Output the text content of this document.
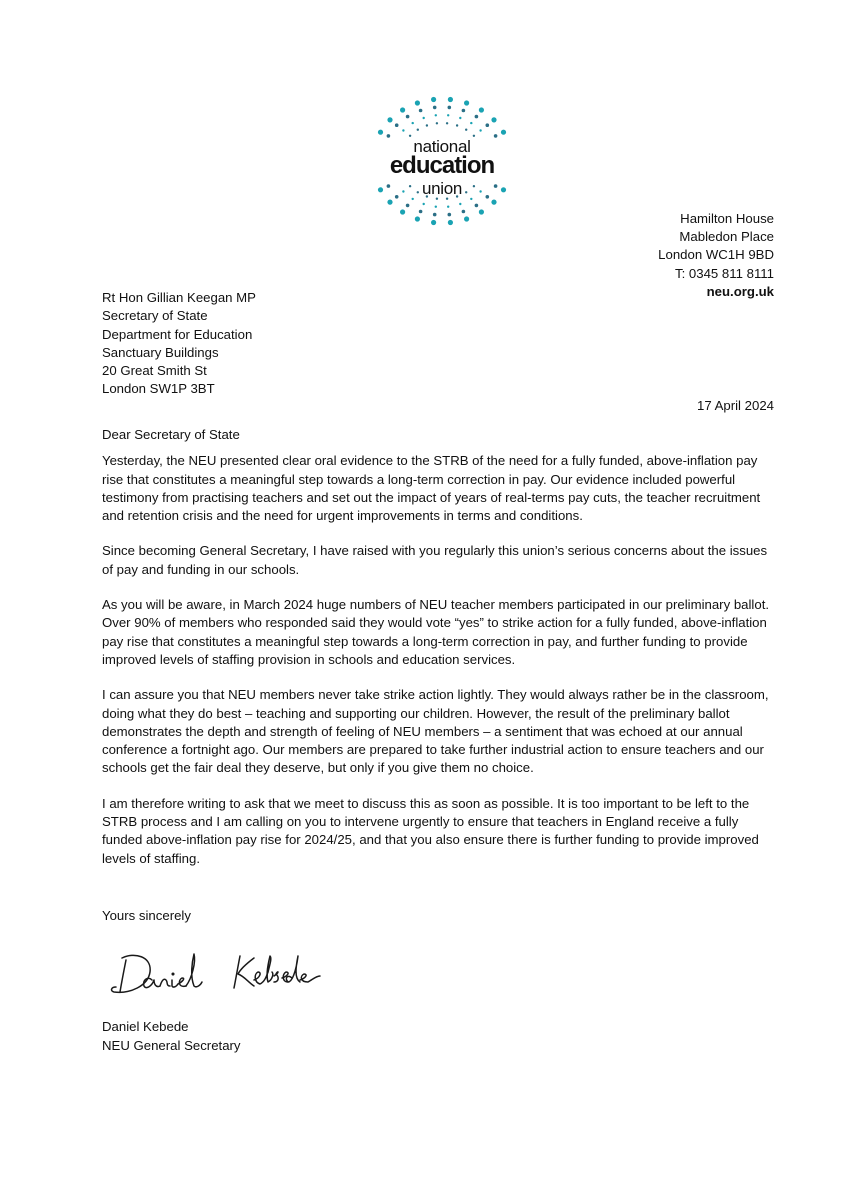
national
education
union
Hamilton House
Mabledon Place
London WC1H 9BD
T: 0345 811 8111
neu.org.uk
Rt Hon Gillian Keegan MP
Secretary of State
Department for Education
Sanctuary Buildings
20 Great Smith St
London SW1P 3BT
17 April 2024

Dear Secretary of State

Yesterday, the NEU presented clear oral evidence to the STRB of the need for a fully funded, above-inflation pay rise that constitutes a meaningful step towards a long-term correction in pay. Our evidence included powerful testimony from practising teachers and set out the impact of years of real-terms pay cuts, the teacher recruitment and retention crisis and the need for urgent improvements in terms and conditions.

Since becoming General Secretary, I have raised with you regularly this union’s serious concerns about the issues of pay and funding in our schools.

As you will be aware, in March 2024 huge numbers of NEU teacher members participated in our preliminary ballot. Over 90% of members who responded said they would vote “yes” to strike action for a fully funded, above-inflation pay rise that constitutes a meaningful step towards a long-term correction in pay, and further funding to provide improved levels of staffing provision in schools and education services.

I can assure you that NEU members never take strike action lightly. They would always rather be in the classroom, doing what they do best – teaching and supporting our children. However, the result of the preliminary ballot demonstrates the depth and strength of feeling of NEU members – a sentiment that was echoed at our annual conference a fortnight ago. Our members are prepared to take further industrial action to ensure teachers and our schools get the fair deal they deserve, but only if you give them no choice.

I am therefore writing to ask that we meet to discuss this as soon as possible. It is too important to be left to the STRB process and I am calling on you to intervene urgently to ensure that teachers in England receive a fully funded above-inflation pay rise for 2024/25, and that you also ensure there is further funding to provide improved levels of staffing.

Yours sincerely
Daniel Kebede
NEU General Secretary
